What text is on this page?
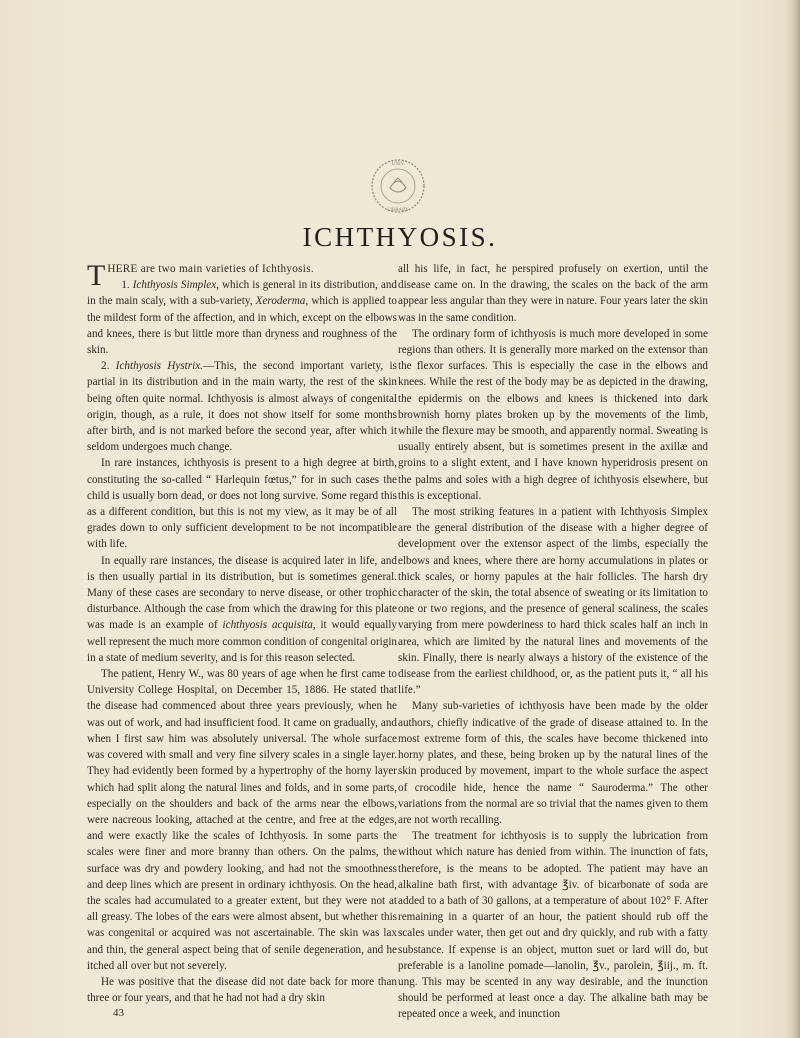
UNIV
LIBRARY
ICHTHYOSIS.

THERE are two main varieties of Ichthyosis.

1. Ichthyosis Simplex, which is general in its distribution, and in the main scaly, with a sub-variety, Xeroderma, which is applied to the mildest form of the affection, and in which, except on the elbows and knees, there is but little more than dryness and roughness of the skin.

2. Ichthyosis Hystrix.—This, the second important variety, is partial in its distribution and in the main warty, the rest of the skin being often quite normal. Ichthyosis is almost always of congenital origin, though, as a rule, it does not show itself for some months after birth, and is not marked before the second year, after which it seldom undergoes much change.

In rare instances, ichthyosis is present to a high degree at birth, constituting the so-called “ Harlequin fœtus,” for in such cases the child is usually born dead, or does not long survive. Some regard this as a different condition, but this is not my view, as it may be of all grades down to only sufficient development to be not incompatible with life.

In equally rare instances, the disease is acquired later in life, and is then usually partial in its distribution, but is sometimes general. Many of these cases are secondary to nerve disease, or other trophic disturbance. Although the case from which the drawing for this plate was made is an example of ichthyosis acquisita, it would equally well represent the much more common condition of congenital origin in a state of medium severity, and is for this reason selected.

The patient, Henry W., was 80 years of age when he first came to University College Hospital, on December 15, 1886. He stated that the disease had commenced about three years previously, when he was out of work, and had insufficient food. It came on gradually, and when I first saw him was absolutely universal. The whole surface was covered with small and very fine silvery scales in a single layer. They had evidently been formed by a hypertrophy of the horny layer which had split along the natural lines and folds, and in some parts, especially on the shoulders and back of the arms near the elbows, were nacreous looking, attached at the centre, and free at the edges, and were exactly like the scales of Ichthyosis. In some parts the scales were finer and more branny than others. On the palms, the surface was dry and powdery looking, and had not the smoothness and deep lines which are present in ordinary ichthyosis. On the head, the scales had accumulated to a greater extent, but they were not at all greasy. The lobes of the ears were almost absent, but whether this was congenital or acquired was not ascertainable. The skin was lax and thin, the general aspect being that of senile degeneration, and he itched all over but not severely.

He was positive that the disease did not date back for more than three or four years, and that he had not had a dry skin

all his life, in fact, he perspired profusely on exertion, until the disease came on. In the drawing, the scales on the back of the arm appear less angular than they were in nature. Four years later the skin was in the same condition.

The ordinary form of ichthyosis is much more developed in some regions than others. It is generally more marked on the extensor than the flexor surfaces. This is especially the case in the elbows and knees. While the rest of the body may be as depicted in the drawing, the epidermis on the elbows and knees is thickened into dark brownish horny plates broken up by the movements of the limb, while the flexure may be smooth, and apparently normal. Sweating is usually entirely absent, but is sometimes present in the axillæ and groins to a slight extent, and I have known hyperidrosis present on the palms and soles with a high degree of ichthyosis elsewhere, but this is exceptional.

The most striking features in a patient with Ichthyosis Simplex are the general distribution of the disease with a higher degree of development over the extensor aspect of the limbs, especially the elbows and knees, where there are horny accumulations in plates or thick scales, or horny papules at the hair follicles. The harsh dry character of the skin, the total absence of sweating or its limitation to one or two regions, and the presence of general scaliness, the scales varying from mere powderiness to hard thick scales half an inch in area, which are limited by the natural lines and movements of the skin. Finally, there is nearly always a history of the existence of the disease from the earliest childhood, or, as the patient puts it, “ all his life.”

Many sub-varieties of ichthyosis have been made by the older authors, chiefly indicative of the grade of disease attained to. In the most extreme form of this, the scales have become thickened into horny plates, and these, being broken up by the natural lines of the skin produced by movement, impart to the whole surface the aspect of crocodile hide, hence the name “ Sauroderma.” The other variations from the normal are so trivial that the names given to them are not worth recalling.

The treatment for ichthyosis is to supply the lubrication from without which nature has denied from within. The inunction of fats, therefore, is the means to be adopted. The patient may have an alkaline bath first, with advantage ℥iv. of bicarbonate of soda are added to a bath of 30 gallons, at a temperature of about 102° F. After remaining in a quarter of an hour, the patient should rub off the scales under water, then get out and dry quickly, and rub with a fatty substance. If expense is an object, mutton suet or lard will do, but preferable is a lanoline pomade—lanolin, ℥v., parolein, ℥iij., m. ft. ung. This may be scented in any way desirable, and the inunction should be performed at least once a day. The alkaline bath may be repeated once a week, and inunction

43
